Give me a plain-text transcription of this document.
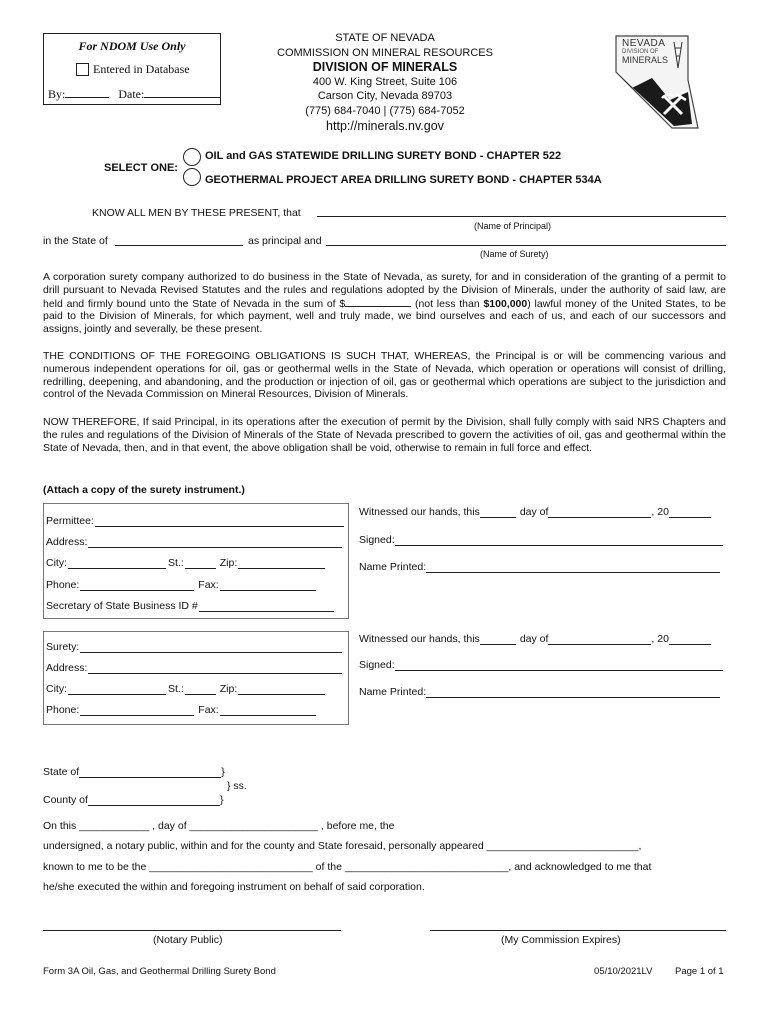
For NDOM Use Only
Entered in Database
By:	Date:
STATE OF NEVADA
COMMISSION ON MINERAL RESOURCES
DIVISION OF MINERALS
400 W. King Street, Suite 106
Carson City, Nevada 89703
(775) 684-7040 | (775) 684-7052
http://minerals.nv.gov
NEVADA
DIVISION OF
MINERALS
SELECT ONE:
OIL and GAS STATEWIDE DRILLING SURETY BOND - CHAPTER 522
GEOTHERMAL PROJECT AREA DRILLING SURETY BOND - CHAPTER 534A
KNOW ALL MEN BY THESE PRESENT, that
(Name of Principal)
in the State of	as principal and
(Name of Surety)
A corporation surety company authorized to do business in the State of Nevada, as surety, for and in consideration of the granting of a permit to drill pursuant to Nevada Revised Statutes and the rules and regulations adopted by the Division of Minerals, under the authority of said law, are held and firmly bound unto the State of Nevada in the sum of $	(not less than $100,000) lawful money of the United States, to be paid to the Division of Minerals, for which payment, well and truly made, we bind ourselves and each of us, and each of our successors and assigns, jointly and severally, be these present.
THE CONDITIONS OF THE FOREGOING OBLIGATIONS IS SUCH THAT, WHEREAS, the Principal is or will be commencing various and numerous independent operations for oil, gas or geothermal wells in the State of Nevada, which operation or operations will consist of drilling, redrilling, deepening, and abandoning, and the production or injection of oil, gas or geothermal which operations are subject to the jurisdiction and control of the Nevada Commission on Mineral Resources, Division of Minerals.
NOW THEREFORE, If said Principal, in its operations after the execution of permit by the Division, shall fully comply with said NRS Chapters and the rules and regulations of the Division of Minerals of the State of Nevada prescribed to govern the activities of oil, gas and geothermal within the State of Nevada, then, and in that event, the above obligation shall be void, otherwise to remain in full force and effect.
(Attach a copy of the surety instrument.)
Permittee:
Address:
City:	St.:	Zip:
Phone:	Fax:
Secretary of State Business ID #
Witnessed our hands, this	day of	, 20
Signed:
Name Printed:
Surety:
Address:
City:	St.:	Zip:
Phone:	Fax:
Witnessed our hands, this	day of	, 20
Signed:
Name Printed:
State of	}
} ss.
County of	}
On this ____________ , day of ______________________ , before me, the
undersigned, a notary public, within and for the county and State foresaid, personally appeared __________________________,
known to me to be the ____________________________ of the ____________________________, and acknowledged to me that
he/she executed the within and foregoing instrument on behalf of said corporation.
(Notary Public)	(My Commission Expires)
Form 3A Oil, Gas, and Geothermal Drilling Surety Bond	05/10/2021LV Page 1 of 1
